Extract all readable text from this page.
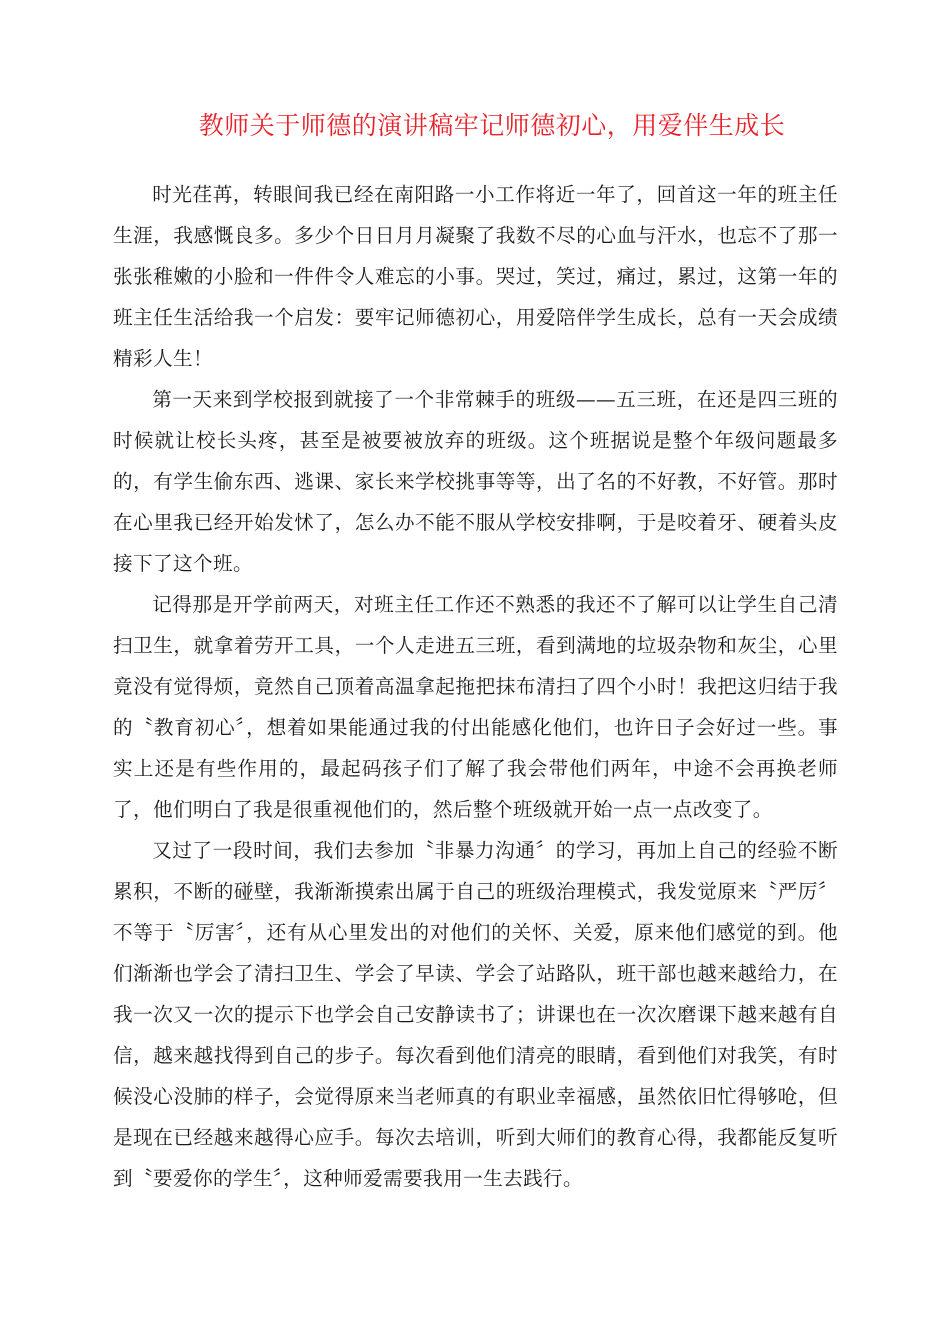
教师关于师德的演讲稿牢记师德初心，用爱伴生成长

时光荏苒，转眼间我已经在南阳路一小工作将近一年了，回首这一年的班主任生涯，我感慨良多。多少个日日月月凝聚了我数不尽的心血与汗水，也忘不了那一张张稚嫩的小脸和一件件令人难忘的小事。哭过，笑过，痛过，累过，这第一年的班主任生活给我一个启发：要牢记师德初心，用爱陪伴学生成长，总有一天会成绩精彩人生！

第一天来到学校报到就接了一个非常棘手的班级——五三班，在还是四三班的时候就让校长头疼，甚至是被要被放弃的班级。这个班据说是整个年级问题最多的，有学生偷东西、逃课、家长来学校挑事等等，出了名的不好教，不好管。那时在心里我已经开始发怵了，怎么办不能不服从学校安排啊，于是咬着牙、硬着头皮接下了这个班。

记得那是开学前两天，对班主任工作还不熟悉的我还不了解可以让学生自己清扫卫生，就拿着劳开工具，一个人走进五三班，看到满地的垃圾杂物和灰尘，心里竟没有觉得烦，竟然自己顶着高温拿起拖把抹布清扫了四个小时！我把这归结于我的〝教育初心〞，想着如果能通过我的付出能感化他们，也许日子会好过一些。事实上还是有些作用的，最起码孩子们了解了我会带他们两年，中途不会再换老师了，他们明白了我是很重视他们的，然后整个班级就开始一点一点改变了。

又过了一段时间，我们去参加〝非暴力沟通〞的学习，再加上自己的经验不断累积，不断的碰壁，我渐渐摸索出属于自己的班级治理模式，我发觉原来〝严厉〞不等于〝厉害〞，还有从心里发出的对他们的关怀、关爱，原来他们感觉的到。他们渐渐也学会了清扫卫生、学会了早读、学会了站路队，班干部也越来越给力，在我一次又一次的提示下也学会自己安静读书了；讲课也在一次次磨课下越来越有自信，越来越找得到自己的步子。每次看到他们清亮的眼睛，看到他们对我笑，有时候没心没肺的样子，会觉得原来当老师真的有职业幸福感，虽然依旧忙得够呛，但是现在已经越来越得心应手。每次去培训，听到大师们的教育心得，我都能反复听到〝要爱你的学生〞，这种师爱需要我用一生去践行。
